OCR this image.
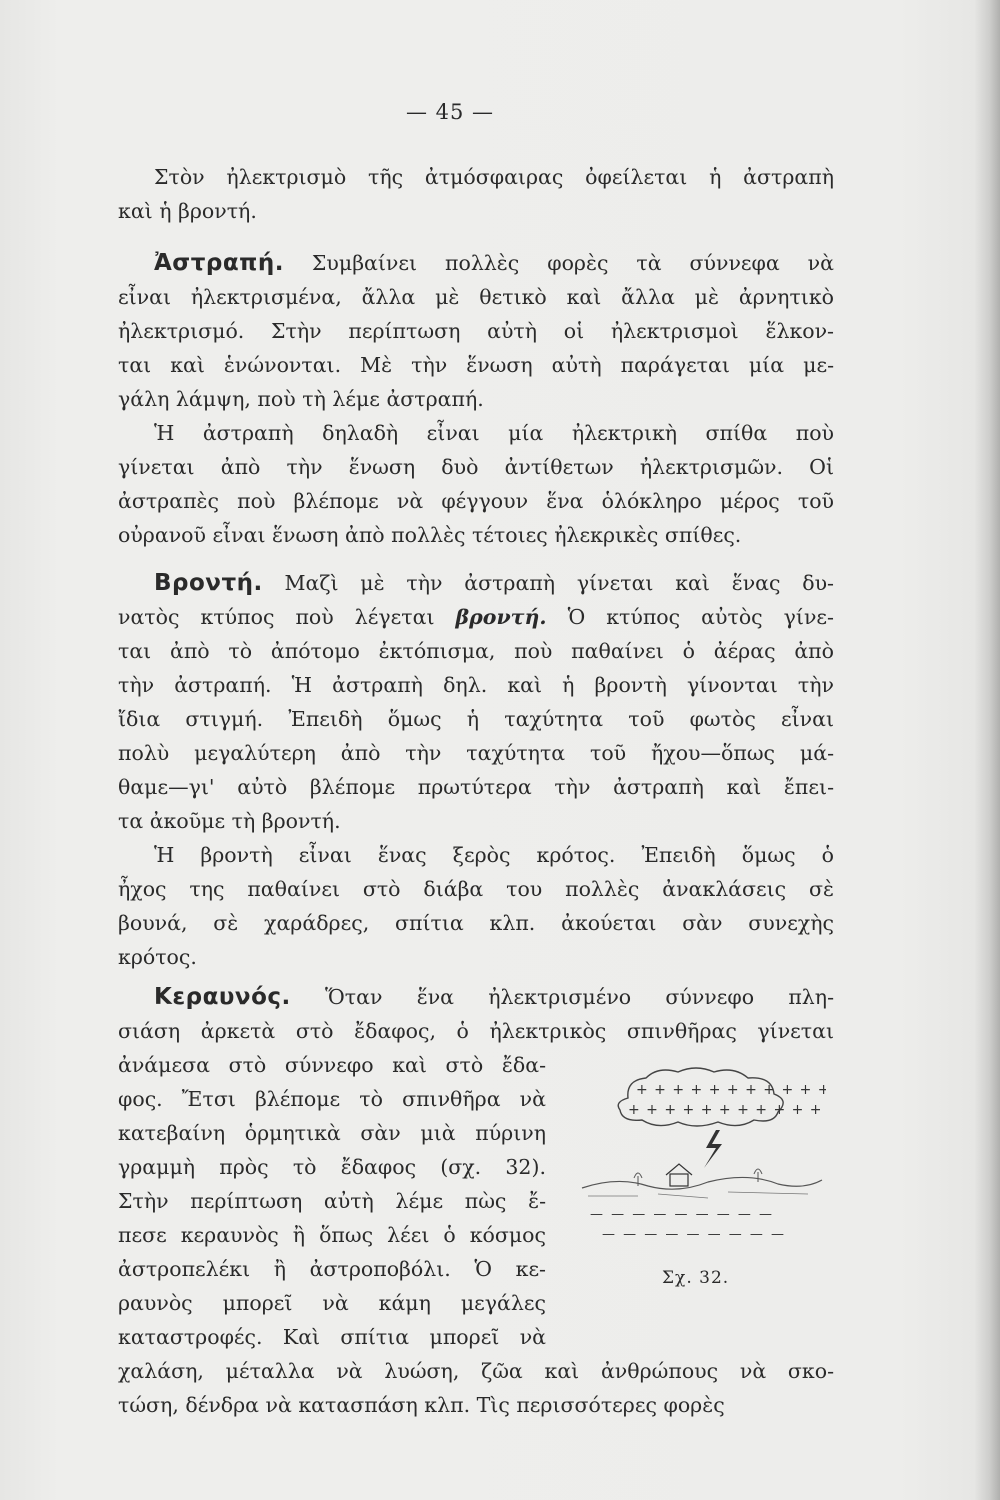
— 45 —
Στὸν ἠλεκτρισμὸ τῆς ἀτμόσφαιρας ὀφείλεται ἡ ἀστραπὴ
καὶ ἡ βροντή.
Ἀστραπή. Συμβαίνει πολλὲς φορὲς τὰ σύννεφα νὰ
εἶναι ἠλεκτρισμένα, ἄλλα μὲ θετικὸ καὶ ἄλλα μὲ ἀρνητικὸ
ἠλεκτρισμό. Στὴν περίπτωση αὐτὴ οἱ ἠλεκτρισμοὶ ἕλκον-
ται καὶ ἑνώνονται. Μὲ τὴν ἕνωση αὐτὴ παράγεται μία με-
γάλη λάμψη, ποὺ τὴ λέμε ἀστραπή.
Ἡ ἀστραπὴ δηλαδὴ εἶναι μία ἠλεκτρικὴ σπίθα ποὺ
γίνεται ἀπὸ τὴν ἕνωση δυὸ ἀντίθετων ἠλεκτρισμῶν. Οἱ
ἀστραπὲς ποὺ βλέπομε νὰ φέγγουν ἕνα ὁλόκληρο μέρος τοῦ
οὐρανοῦ εἶναι ἕνωση ἀπὸ πολλὲς τέτοιες ἠλεκρικὲς σπίθες.
Βροντή. Μαζὶ μὲ τὴν ἀστραπὴ γίνεται καὶ ἕνας δυ-
νατὸς κτύπος ποὺ λέγεται βροντή. Ὁ κτύπος αὐτὸς γίνε-
ται ἀπὸ τὸ ἀπότομο ἐκτόπισμα, ποὺ παθαίνει ὁ ἀέρας ἀπὸ
τὴν ἀστραπή. Ἡ ἀστραπὴ δηλ. καὶ ἡ βροντὴ γίνονται τὴν
ἴδια στιγμή. Ἐπειδὴ ὅμως ἡ ταχύτητα τοῦ φωτὸς εἶναι
πολὺ μεγαλύτερη ἀπὸ τὴν ταχύτητα τοῦ ἤχου—ὅπως μά-
θαμε—γι' αὐτὸ βλέπομε πρωτύτερα τὴν ἀστραπὴ καὶ ἔπει-
τα ἀκοῦμε τὴ βροντή.
Ἡ βροντὴ εἶναι ἕνας ξερὸς κρότος. Ἐπειδὴ ὅμως ὁ
ἦχος της παθαίνει στὸ διάβα του πολλὲς ἀνακλάσεις σὲ
βουνά, σὲ χαράδρες, σπίτια κλπ. ἀκούεται σὰν συνεχὴς
κρότος.
Κεραυνός. Ὅταν ἕνα ἠλεκτρισμένο σύννεφο πλη-
σιάση ἀρκετὰ στὸ ἔδαφος, ὁ ἠλεκτρικὸς σπινθῆρας γίνεται
ἀνάμεσα στὸ σύννεφο καὶ στὸ ἔδα-
φος. Ἔτσι βλέπομε τὸ σπινθῆρα νὰ
κατεβαίνη ὁρμητικὰ σὰν μιὰ πύρινη
γραμμὴ πρὸς τὸ ἔδαφος (σχ. 32).
Στὴν περίπτωση αὐτὴ λέμε πὼς ἔ-
πεσε κεραυνὸς ἢ ὅπως λέει ὁ κόσμος
ἀστροπελέκι ἢ ἀστροποβόλι. Ὁ κε-
ραυνὸς μπορεῖ νὰ κάμη μεγάλες
καταστροφές. Καὶ σπίτια μπορεῖ νὰ
χαλάση, μέταλλα νὰ λυώση, ζῶα καὶ ἀνθρώπους νὰ σκο-
τώση, δένδρα νὰ κατασπάση κλπ. Τὶς περισσότερες φορὲς
+ + + + + + + + + + +
+ + + + + + + + + + +
— — — — — — — — —
— — — — — — — — —
Σχ. 32.
